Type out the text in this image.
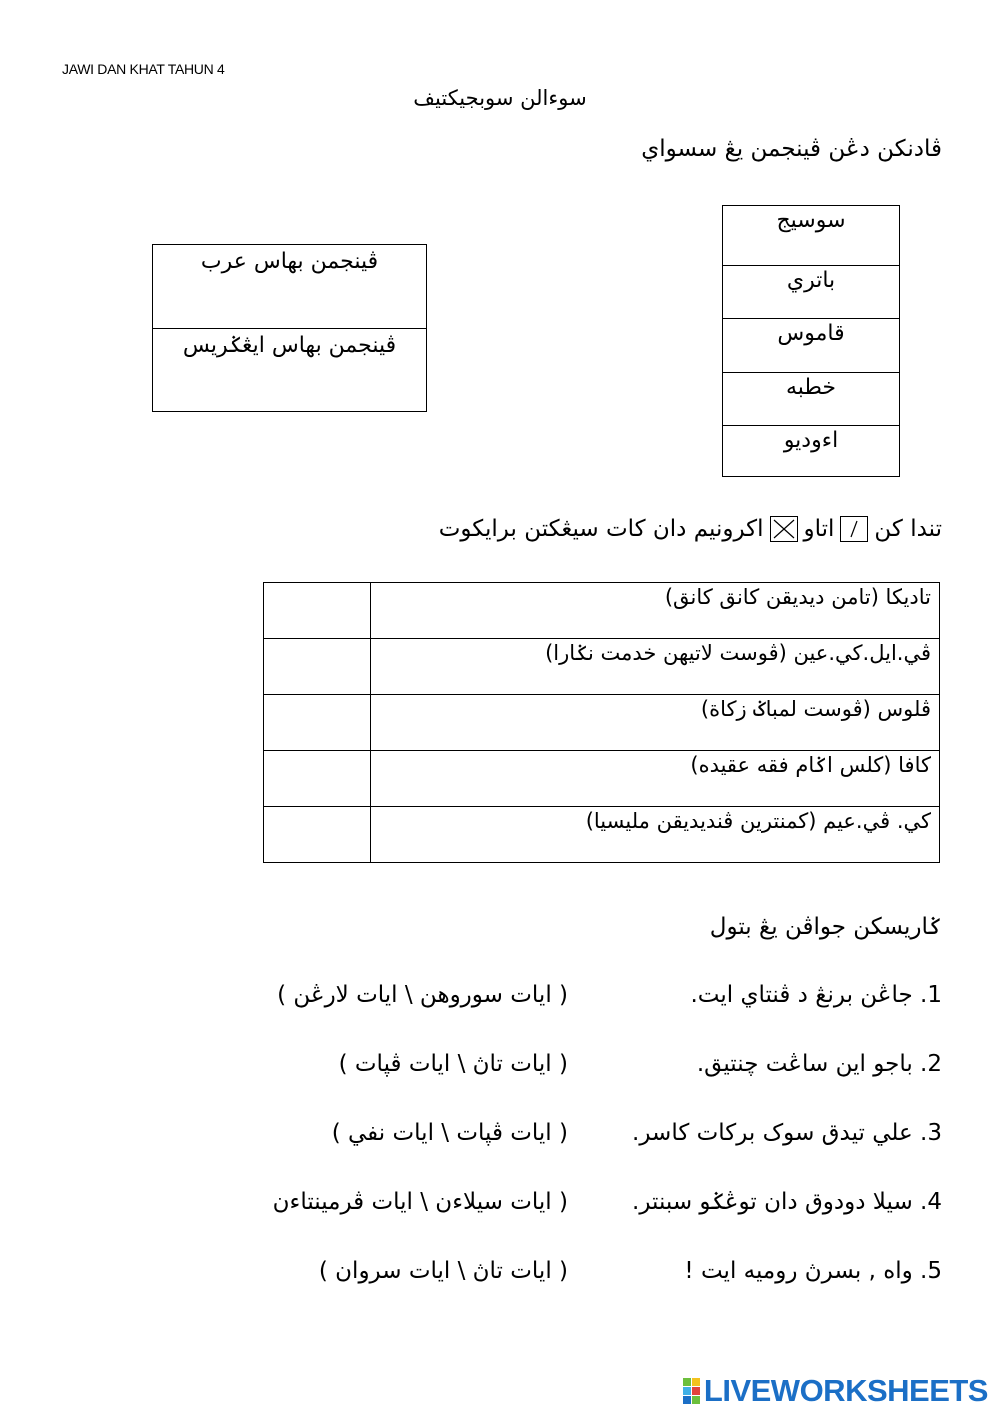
JAWI DAN KHAT TAHUN 4
سوءالن سوبجيکتيف
ڤادنکن دڠن ڤينجمن يڠ سسواي
ڤينجمن بهاس عرب
ڤينجمن بهاس ايڠݢريس
سوسيج
باتري
قاموس
خطبه
اءوديو
تندا کن
اتاو
اکرونيم دان کات سيڠکتن برايکوت
	تاديکا (تامن ديديقن کانق کانق)
	ڤي.ايل.کي.عين (ڤوست لاتيهن خدمت نݢارا)
	ڤلوس (ڤوست لمباݢ زکاة)
	کافا (کلس اݢام فقه عقيده)
	کي. ڤي.عيم (کمنترين ڤنديديقن مليسيا)
ݢاريسکن جواڤن يڠ بتول
1. جاڠن برنڠ د ڤنتاي ايت.
( ايات سوروهن \ ايات لارڠن )
2. باجو اين ساڠت چنتيق.
( ايات تاڽ \ ايات ڤڽات )
3. علي تيدق سوک برکات کاسر.
( ايات ڤڽات \ ايات نفي )
4. سيلا دودوق دان توڠݢو سبنتر.
( ايات سيلاءن \ ايات ڤرمينتاءن
5. واه , بسرڽ روميه ايت !
( ايات تاڽ \ ايات سروان )
LIVEWORKSHEETS
